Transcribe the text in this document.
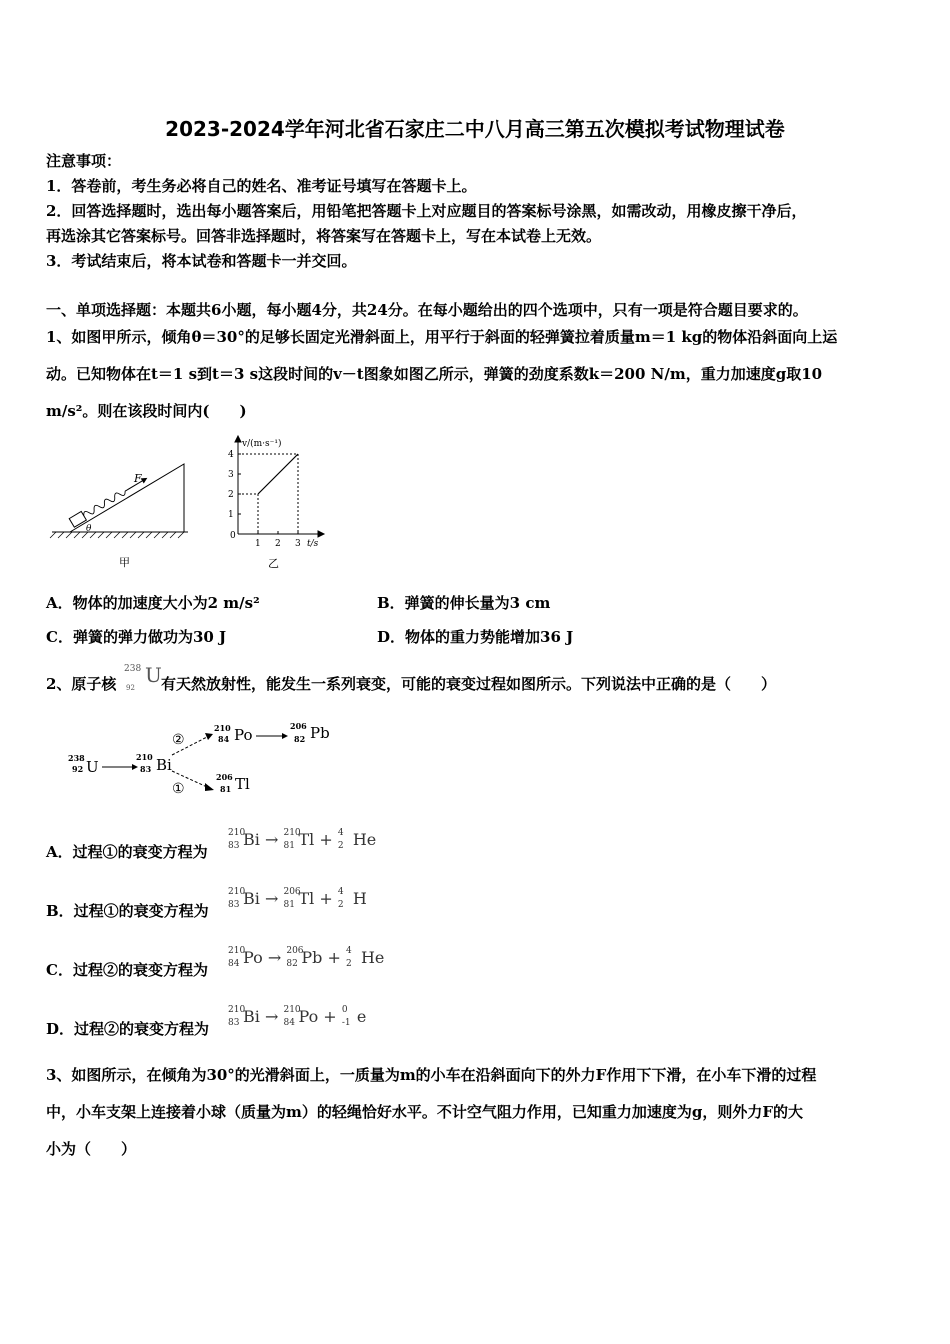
2023-2024学年河北省石家庄二中八月高三第五次模拟考试物理试卷
注意事项：
1．答卷前，考生务必将自己的姓名、准考证号填写在答题卡上。
2．回答选择题时，选出每小题答案后，用铅笔把答题卡上对应题目的答案标号涂黑，如需改动，用橡皮擦干净后，
再选涂其它答案标号。回答非选择题时，将答案写在答题卡上，写在本试卷上无效。
3．考试结束后，将本试卷和答题卡一并交回。
一、单项选择题：本题共6小题，每小题4分，共24分。在每小题给出的四个选项中，只有一项是符合题目要求的。
1、如图甲所示，倾角θ＝30°的足够长固定光滑斜面上，用平行于斜面的轻弹簧拉着质量m＝1 kg的物体沿斜面向上运
动。已知物体在t＝1 s到t＝3 s这段时间的v－t图象如图乙所示，弹簧的劲度系数k＝200 N/m，重力加速度g取10
m/s²。则在该段时间内(　　)
F
θ
甲
v/(m·s⁻¹)
t/s
0
1
2
3
4
1 2 3
乙
A．物体的加速度大小为2 m/s²	B．弹簧的伸长量为3 cm
C．弹簧的弹力做功为30 J	D．物体的重力势能增加36 J
2、原子核
238
92
U 有天然放射性，能发生一系列衰变，可能的衰变过程如图所示。下列说法中正确的是（　　）
238
92 U
210
83 Bi
②
①
210
84 Po	206
82 Pb
206
81 Tl
A．过程①的衰变方程为
B．过程①的衰变方程为
C．过程②的衰变方程为
D．过程②的衰变方程为
210
83 Bi → 210
81 Tl + 4
2 He
210
83 Bi → 206
81 Tl + 4
2 H
210
84 Po → 206
82 Pb + 4
2 He
210
83 Bi → 210
84 Po + 0
-1 e
3、如图所示，在倾角为30°的光滑斜面上，一质量为m的小车在沿斜面向下的外力F作用下下滑，在小车下滑的过程
中，小车支架上连接着小球（质量为m）的轻绳恰好水平。不计空气阻力作用，已知重力加速度为g，则外力F的大
小为（　　）
